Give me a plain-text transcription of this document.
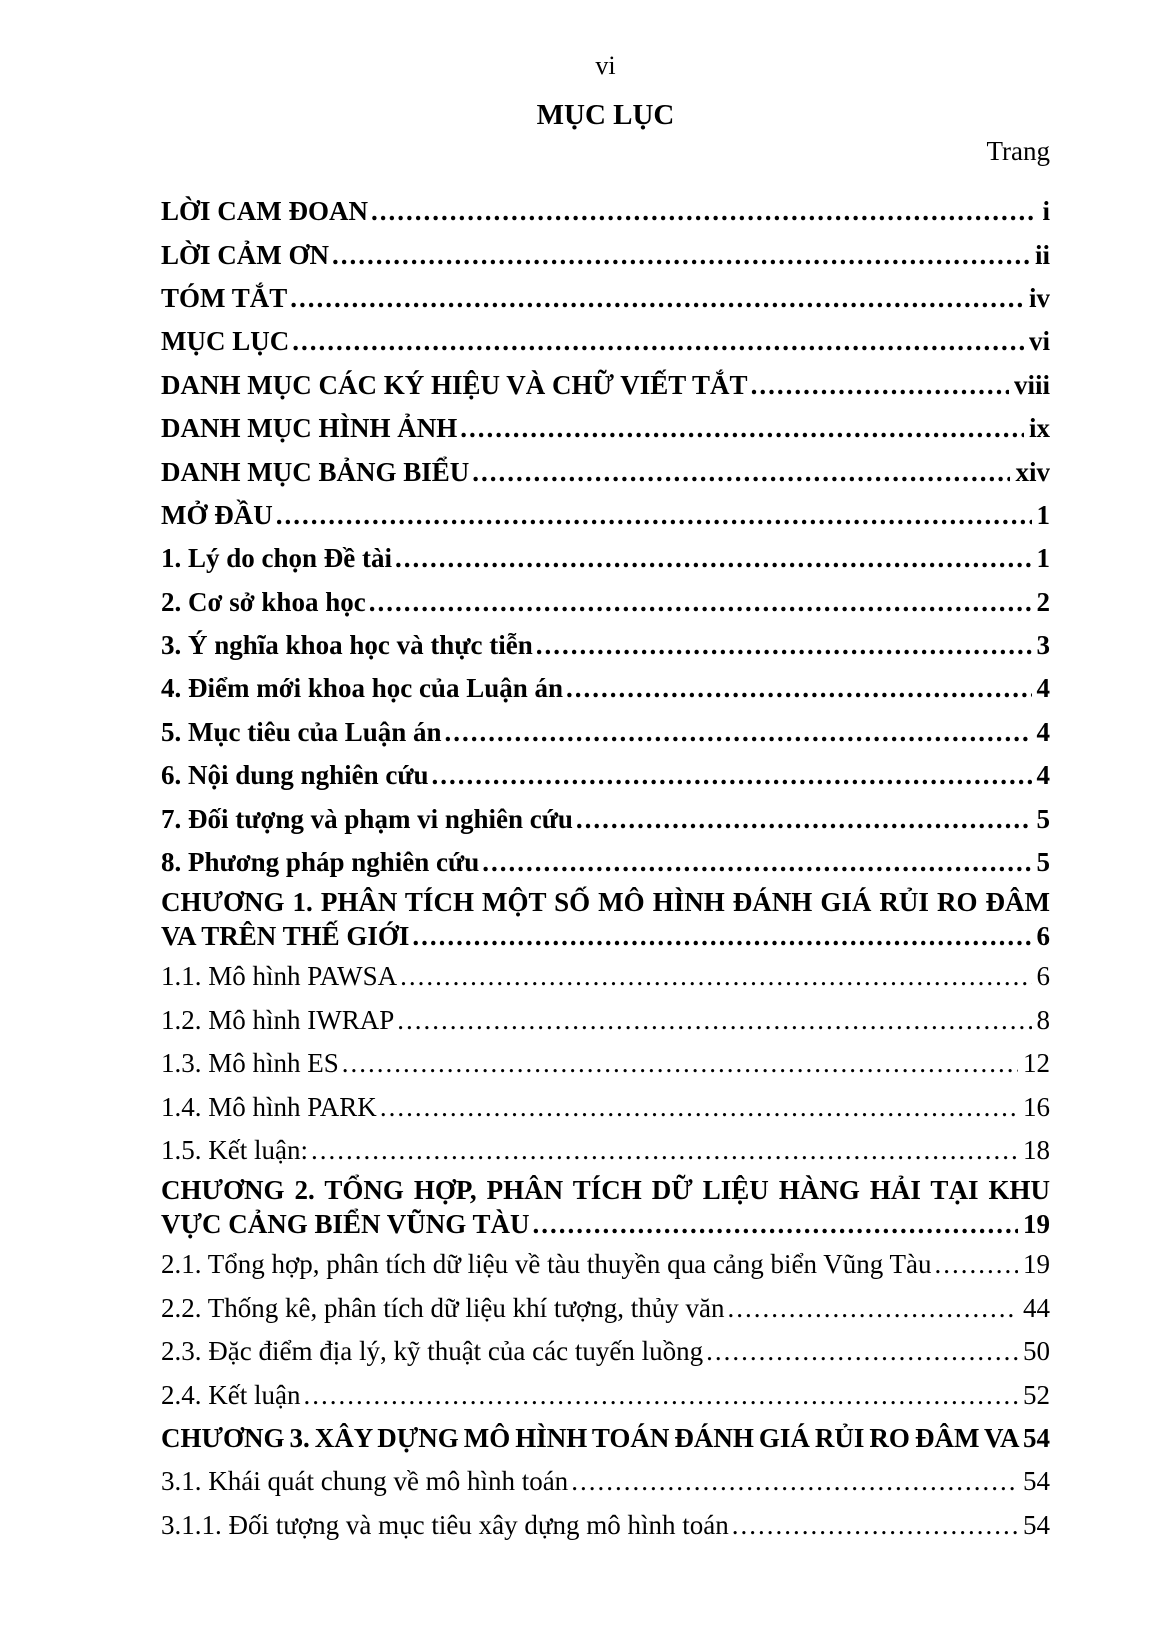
vi
MỤC LỤC
Trang
LỜI CAM ĐOAN .....	i
LỜI CẢM ƠN .....	ii
TÓM TẮT .....	iv
MỤC LỤC .....	vi
DANH MỤC CÁC KÝ HIỆU VÀ CHỮ VIẾT TẮT .....	viii
DANH MỤC HÌNH ẢNH .....	ix
DANH MỤC BẢNG BIỂU .....	xiv
MỞ ĐẦU .....	1
1. Lý do chọn Đề tài .....	1
2. Cơ sở khoa học .....	2
3. Ý nghĩa khoa học và thực tiễn .....	3
4. Điểm mới khoa học của Luận án .....	4
5. Mục tiêu của Luận án .....	4
6. Nội dung nghiên cứu .....	4
7. Đối tượng và phạm vi nghiên cứu .....	5
8. Phương pháp nghiên cứu .....	5
CHƯƠNG 1. PHÂN TÍCH MỘT SỐ MÔ HÌNH ĐÁNH GIÁ RỦI RO ĐÂM
VA TRÊN THẾ GIỚI .....	6
1.1. Mô hình PAWSA .....	6
1.2. Mô hình IWRAP .....	8
1.3. Mô hình ES .....	12
1.4. Mô hình PARK .....	16
1.5. Kết luận: .....	18
CHƯƠNG 2. TỔNG HỢP, PHÂN TÍCH DỮ LIỆU HÀNG HẢI TẠI KHU
VỰC CẢNG BIỂN VŨNG TÀU .....	19
2.1. Tổng hợp, phân tích dữ liệu về tàu thuyền qua cảng biển Vũng Tàu .....	19
2.2. Thống kê, phân tích dữ liệu khí tượng, thủy văn .....	44
2.3. Đặc điểm địa lý, kỹ thuật của các tuyến luồng .....	50
2.4. Kết luận .....	52
CHƯƠNG 3. XÂY DỰNG MÔ HÌNH TOÁN ĐÁNH GIÁ RỦI RO ĐÂM VA 54
3.1. Khái quát chung về mô hình toán .....	54
3.1.1. Đối tượng và mục tiêu xây dựng mô hình toán .....	54
